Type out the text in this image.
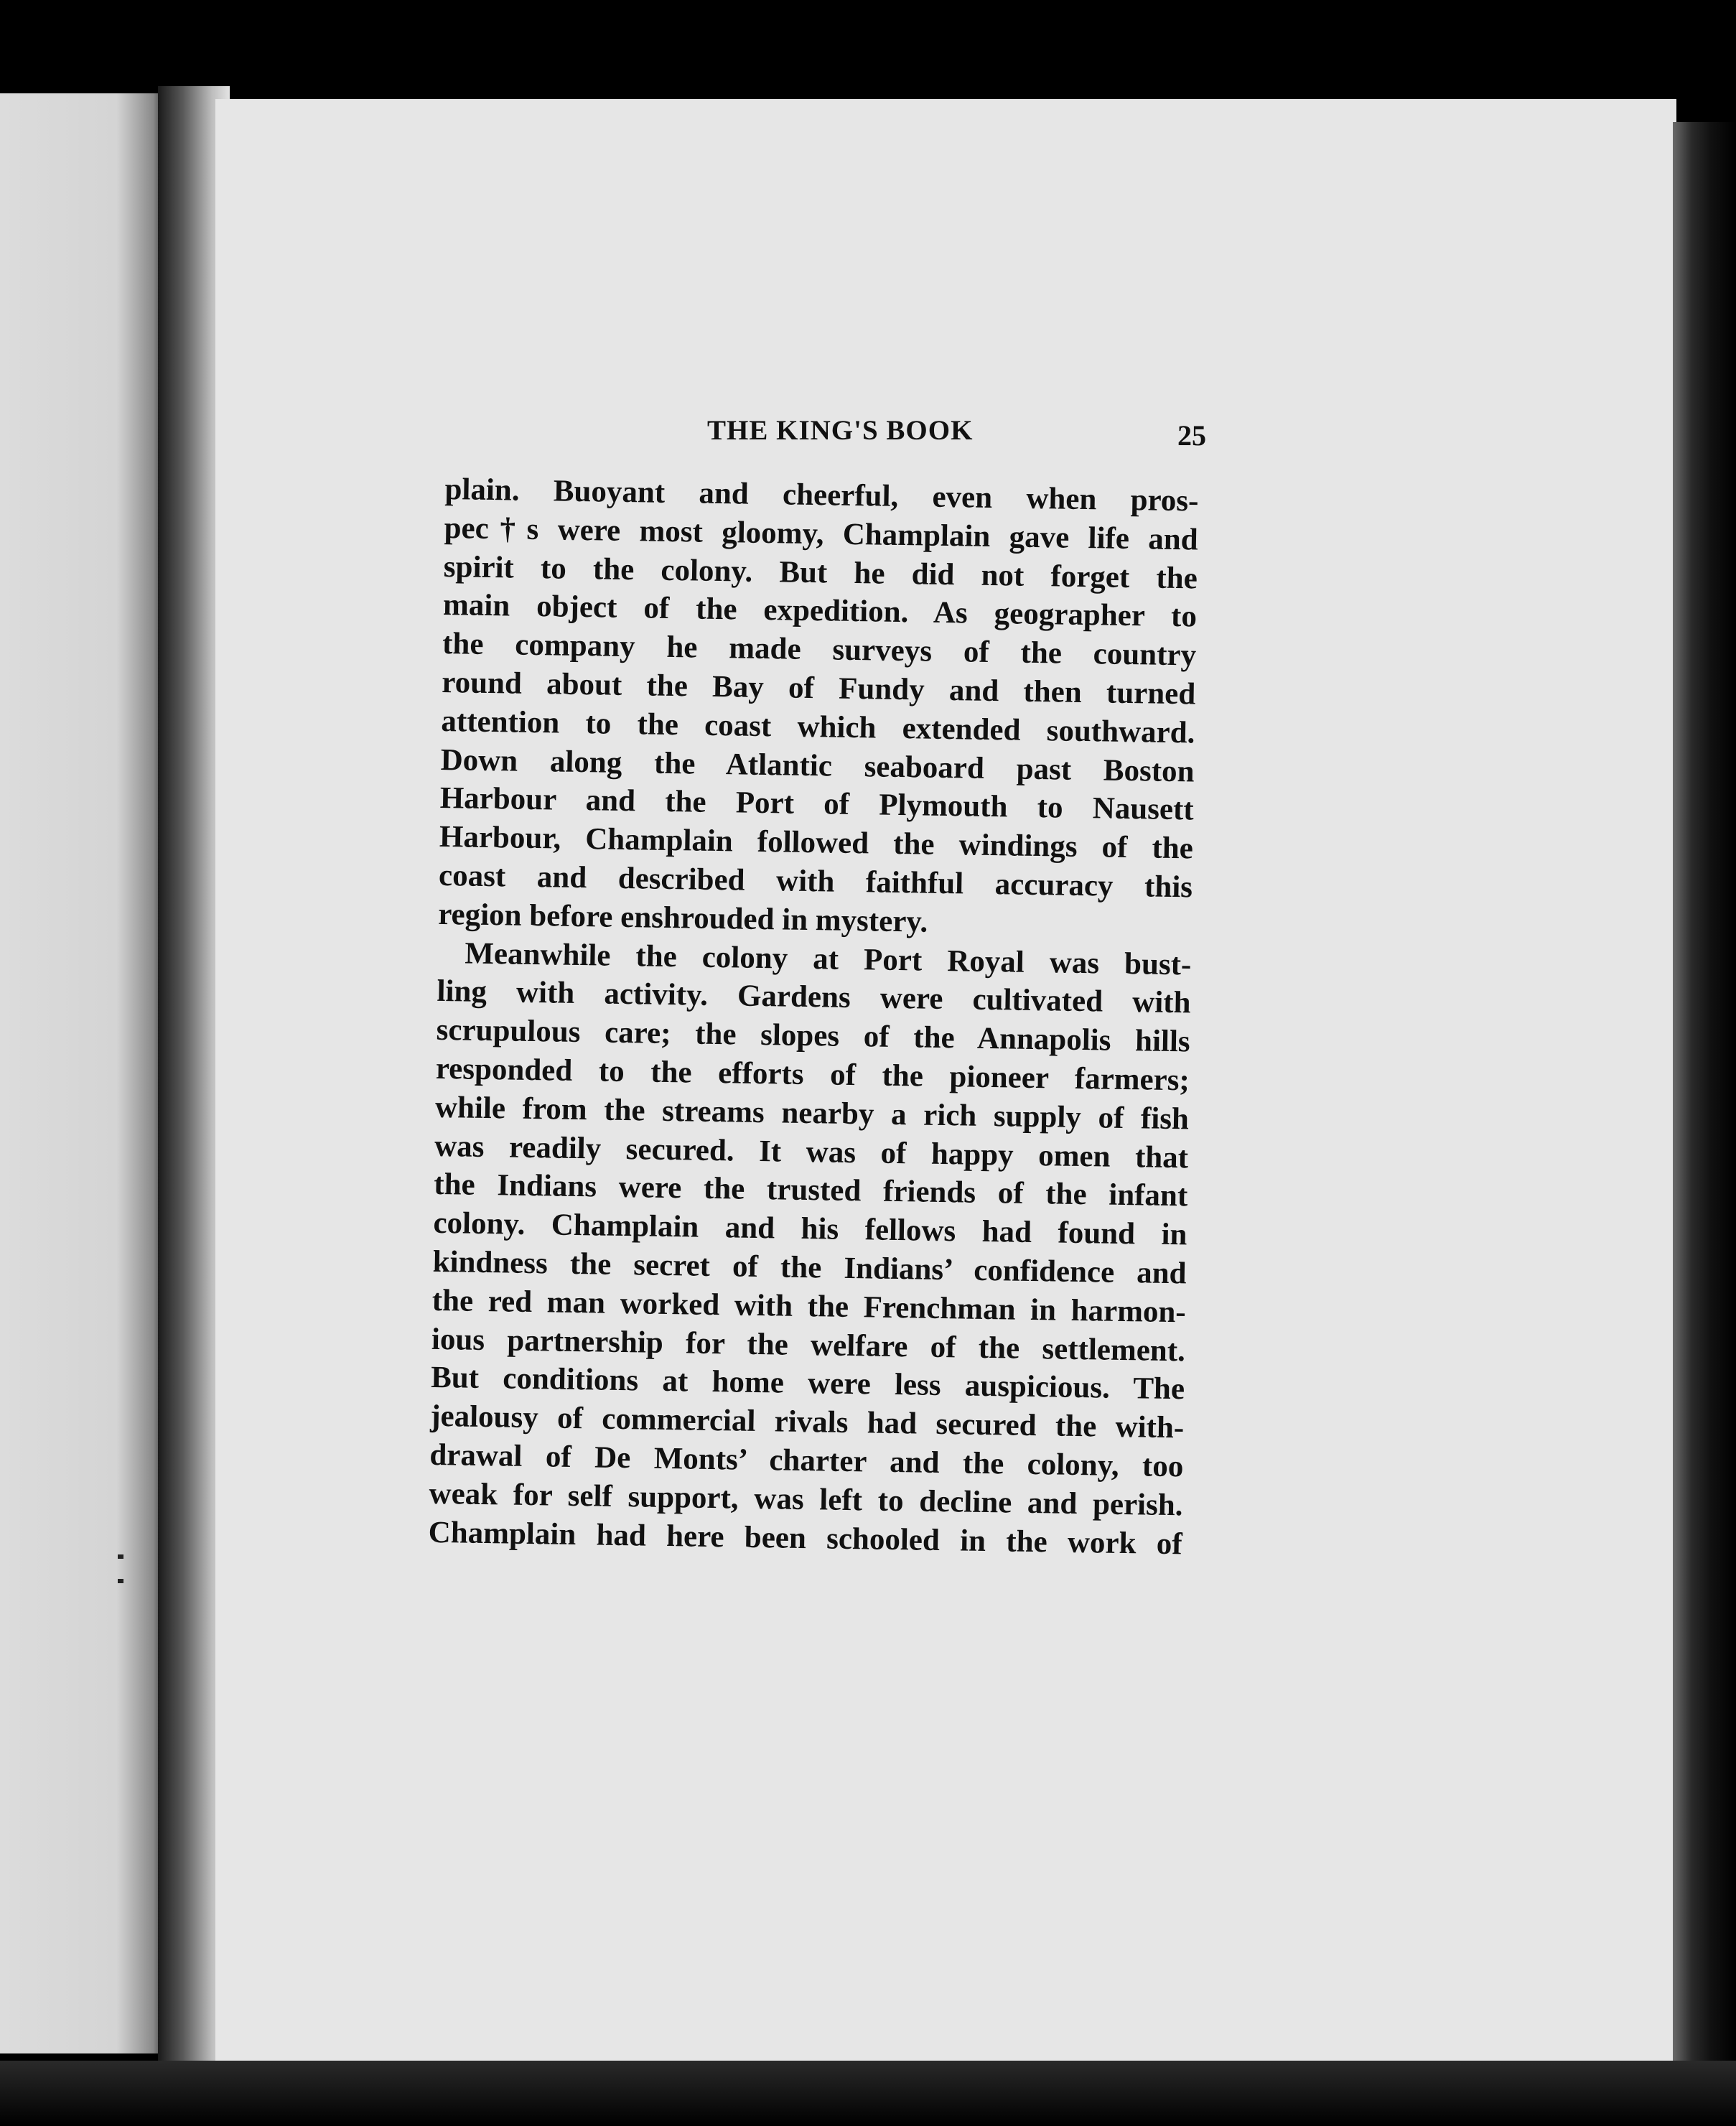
THE KING'S BOOK	25
plain. Buoyant and cheerful, even when pros-
pec†s were most gloomy, Champlain gave life and
spirit to the colony. But he did not forget the
main object of the expedition. As geographer to
the company he made surveys of the country
round about the Bay of Fundy and then turned
attention to the coast which extended southward.
Down along the Atlantic seaboard past Boston
Harbour and the Port of Plymouth to Nausett
Harbour, Champlain followed the windings of the
coast and described with faithful accuracy this
region before enshrouded in mystery.
Meanwhile the colony at Port Royal was bust-
ling with activity. Gardens were cultivated with
scrupulous care; the slopes of the Annapolis hills
responded to the efforts of the pioneer farmers;
while from the streams nearby a rich supply of fish
was readily secured. It was of happy omen that
the Indians were the trusted friends of the infant
colony. Champlain and his fellows had found in
kindness the secret of the Indians’ confidence and
the red man worked with the Frenchman in harmon-
ious partnership for the welfare of the settlement.
But conditions at home were less auspicious. The
jealousy of commercial rivals had secured the with-
drawal of De Monts’ charter and the colony, too
weak for self support, was left to decline and perish.
Champlain had here been schooled in the work of
